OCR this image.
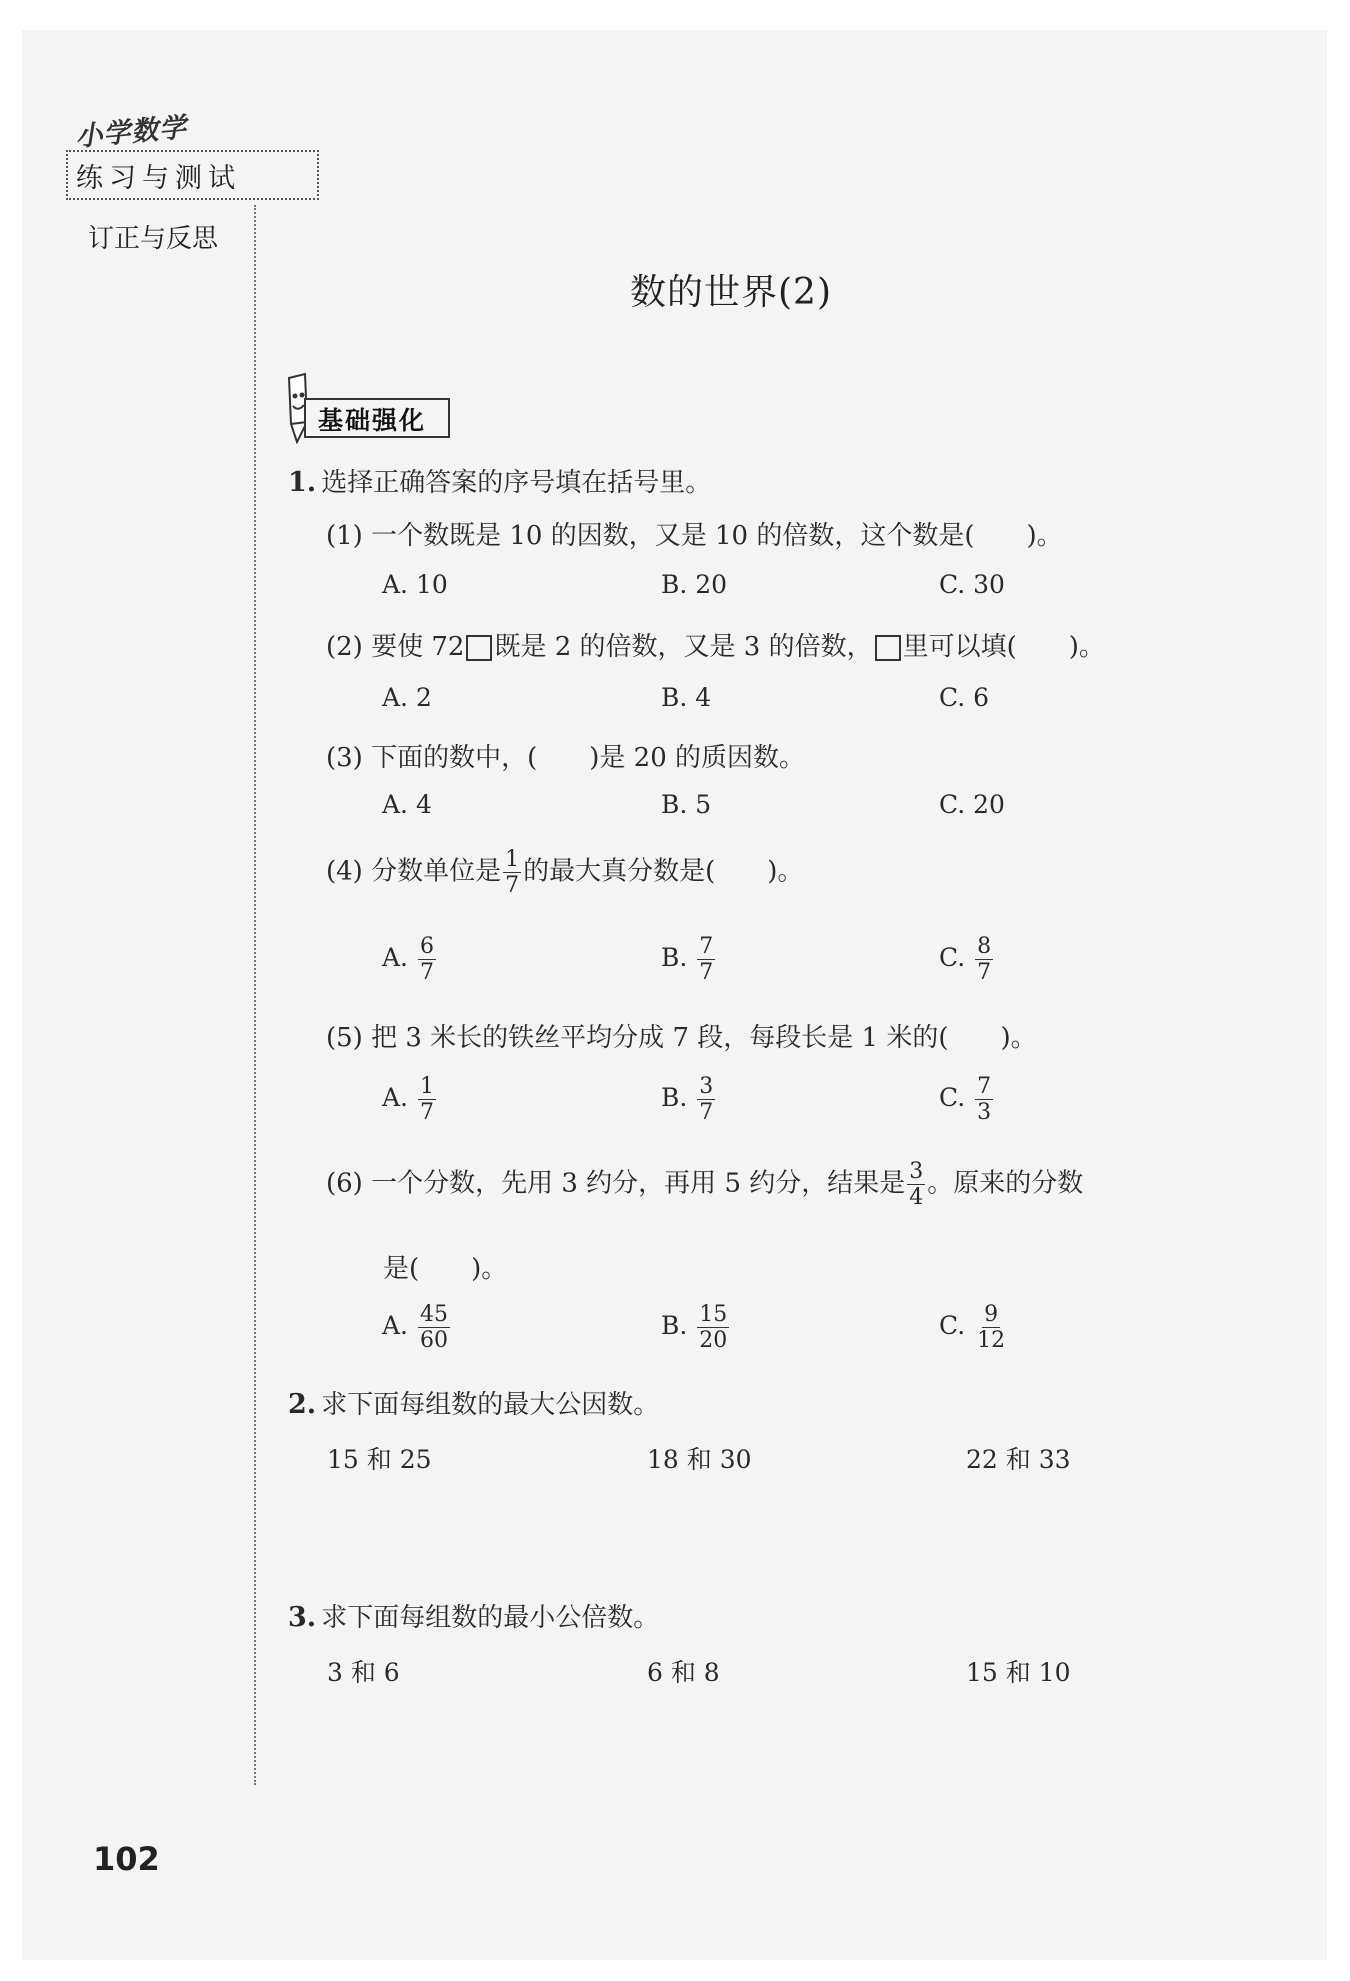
小学数学
练习与测试
订正与反思
数的世界(2)
基础强化
1. 选择正确答案的序号填在括号里。
(1) 一个数既是 10 的因数，又是 10 的倍数，这个数是(　　)。
A. 10	B. 20	C. 30
(2) 要使 72 既是 2 的倍数，又是 3 的倍数， 里可以填(　　)。
A. 2	B. 4	C. 6
(3) 下面的数中，(　　)是 20 的质因数。
A. 4	B. 5	C. 20
(4) 分数单位是 $\frac{1}{7}$ 的最大真分数是(　　)。
A. $\frac{6}{7}$	B. $\frac{7}{7}$	C. $\frac{8}{7}$
(5) 把 3 米长的铁丝平均分成 7 段，每段长是 1 米的(　　)。
A. $\frac{1}{7}$	B. $\frac{3}{7}$	C. $\frac{7}{3}$
(6) 一个分数，先用 3 约分，再用 5 约分，结果是 $\frac{3}{4}$ 。原来的分数
是(　　)。
A. $\frac{45}{60}$	B. $\frac{15}{20}$	C. $\frac{9}{12}$
2. 求下面每组数的最大公因数。
15 和 25	18 和 30	22 和 33
3. 求下面每组数的最小公倍数。
3 和 6	6 和 8	15 和 10
102
